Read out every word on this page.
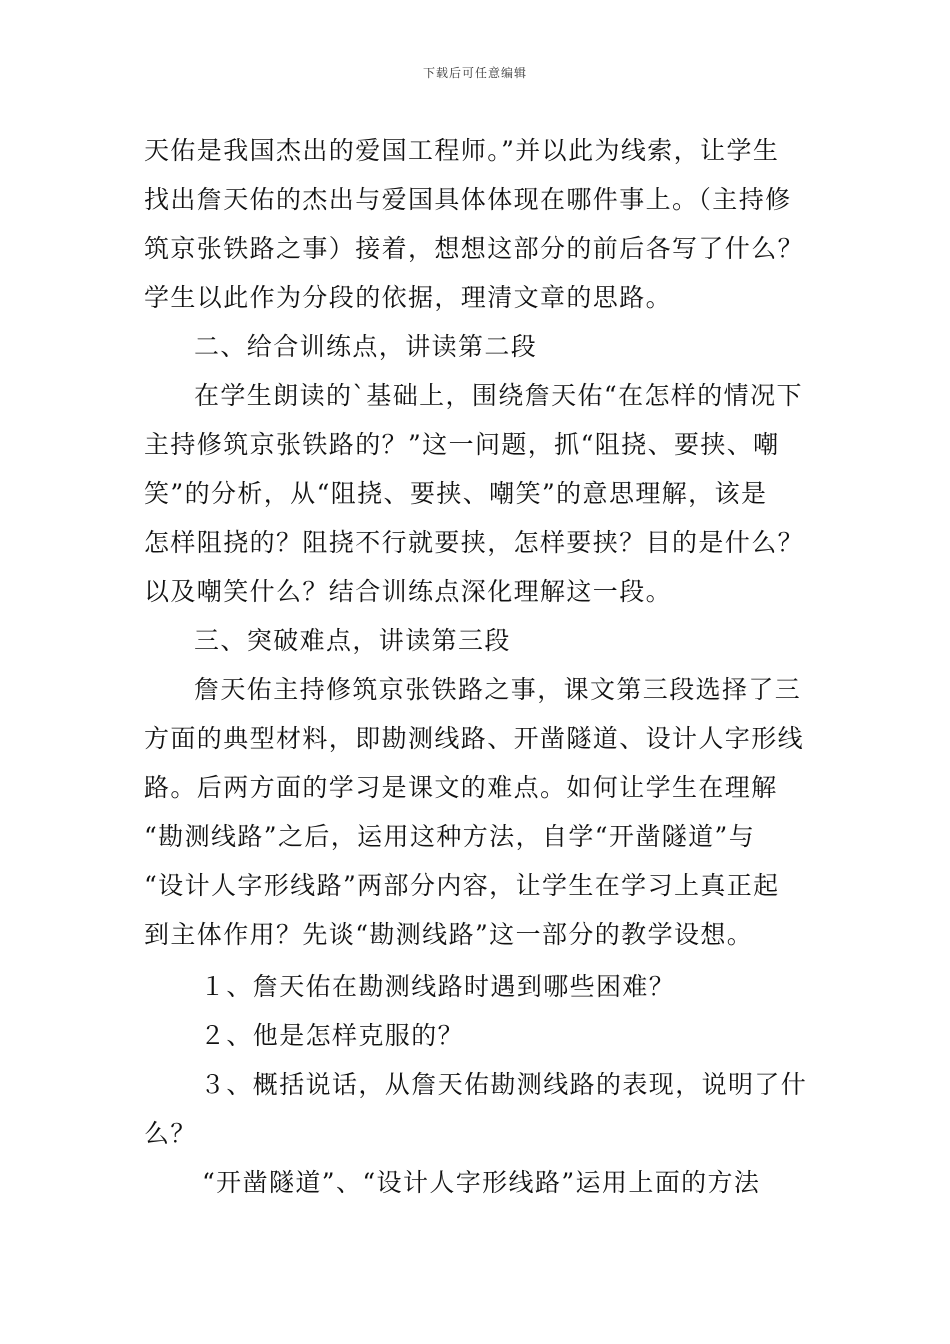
下载后可任意编辑
天佑是我国杰出的爱国工程师。”并以此为线索，让学生
找出詹天佑的杰出与爱国具体体现在哪件事上。（主持修
筑京张铁路之事）接着，想想这部分的前后各写了什么？
学生以此作为分段的依据，理清文章的思路。
二、给合训练点，讲读第二段
在学生朗读的`基础上，围绕詹天佑“在怎样的情况下
主持修筑京张铁路的？”这一问题，抓“阻挠、要挟、嘲
笑”的分析，从“阻挠、要挟、嘲笑”的意思理解，该是
怎样阻挠的？阻挠不行就要挟，怎样要挟？目的是什么？
以及嘲笑什么？结合训练点深化理解这一段。
三、突破难点，讲读第三段
詹天佑主持修筑京张铁路之事，课文第三段选择了三
方面的典型材料，即勘测线路、开凿隧道、设计人字形线
路。后两方面的学习是课文的难点。如何让学生在理解
“勘测线路”之后，运用这种方法，自学“开凿隧道”与
“设计人字形线路”两部分内容，让学生在学习上真正起
到主体作用？先谈“勘测线路”这一部分的教学设想。
１、詹天佑在勘测线路时遇到哪些困难？
２、他是怎样克服的？
３、概括说话，从詹天佑勘测线路的表现，说明了什
么？
“开凿隧道”、“设计人字形线路”运用上面的方法
